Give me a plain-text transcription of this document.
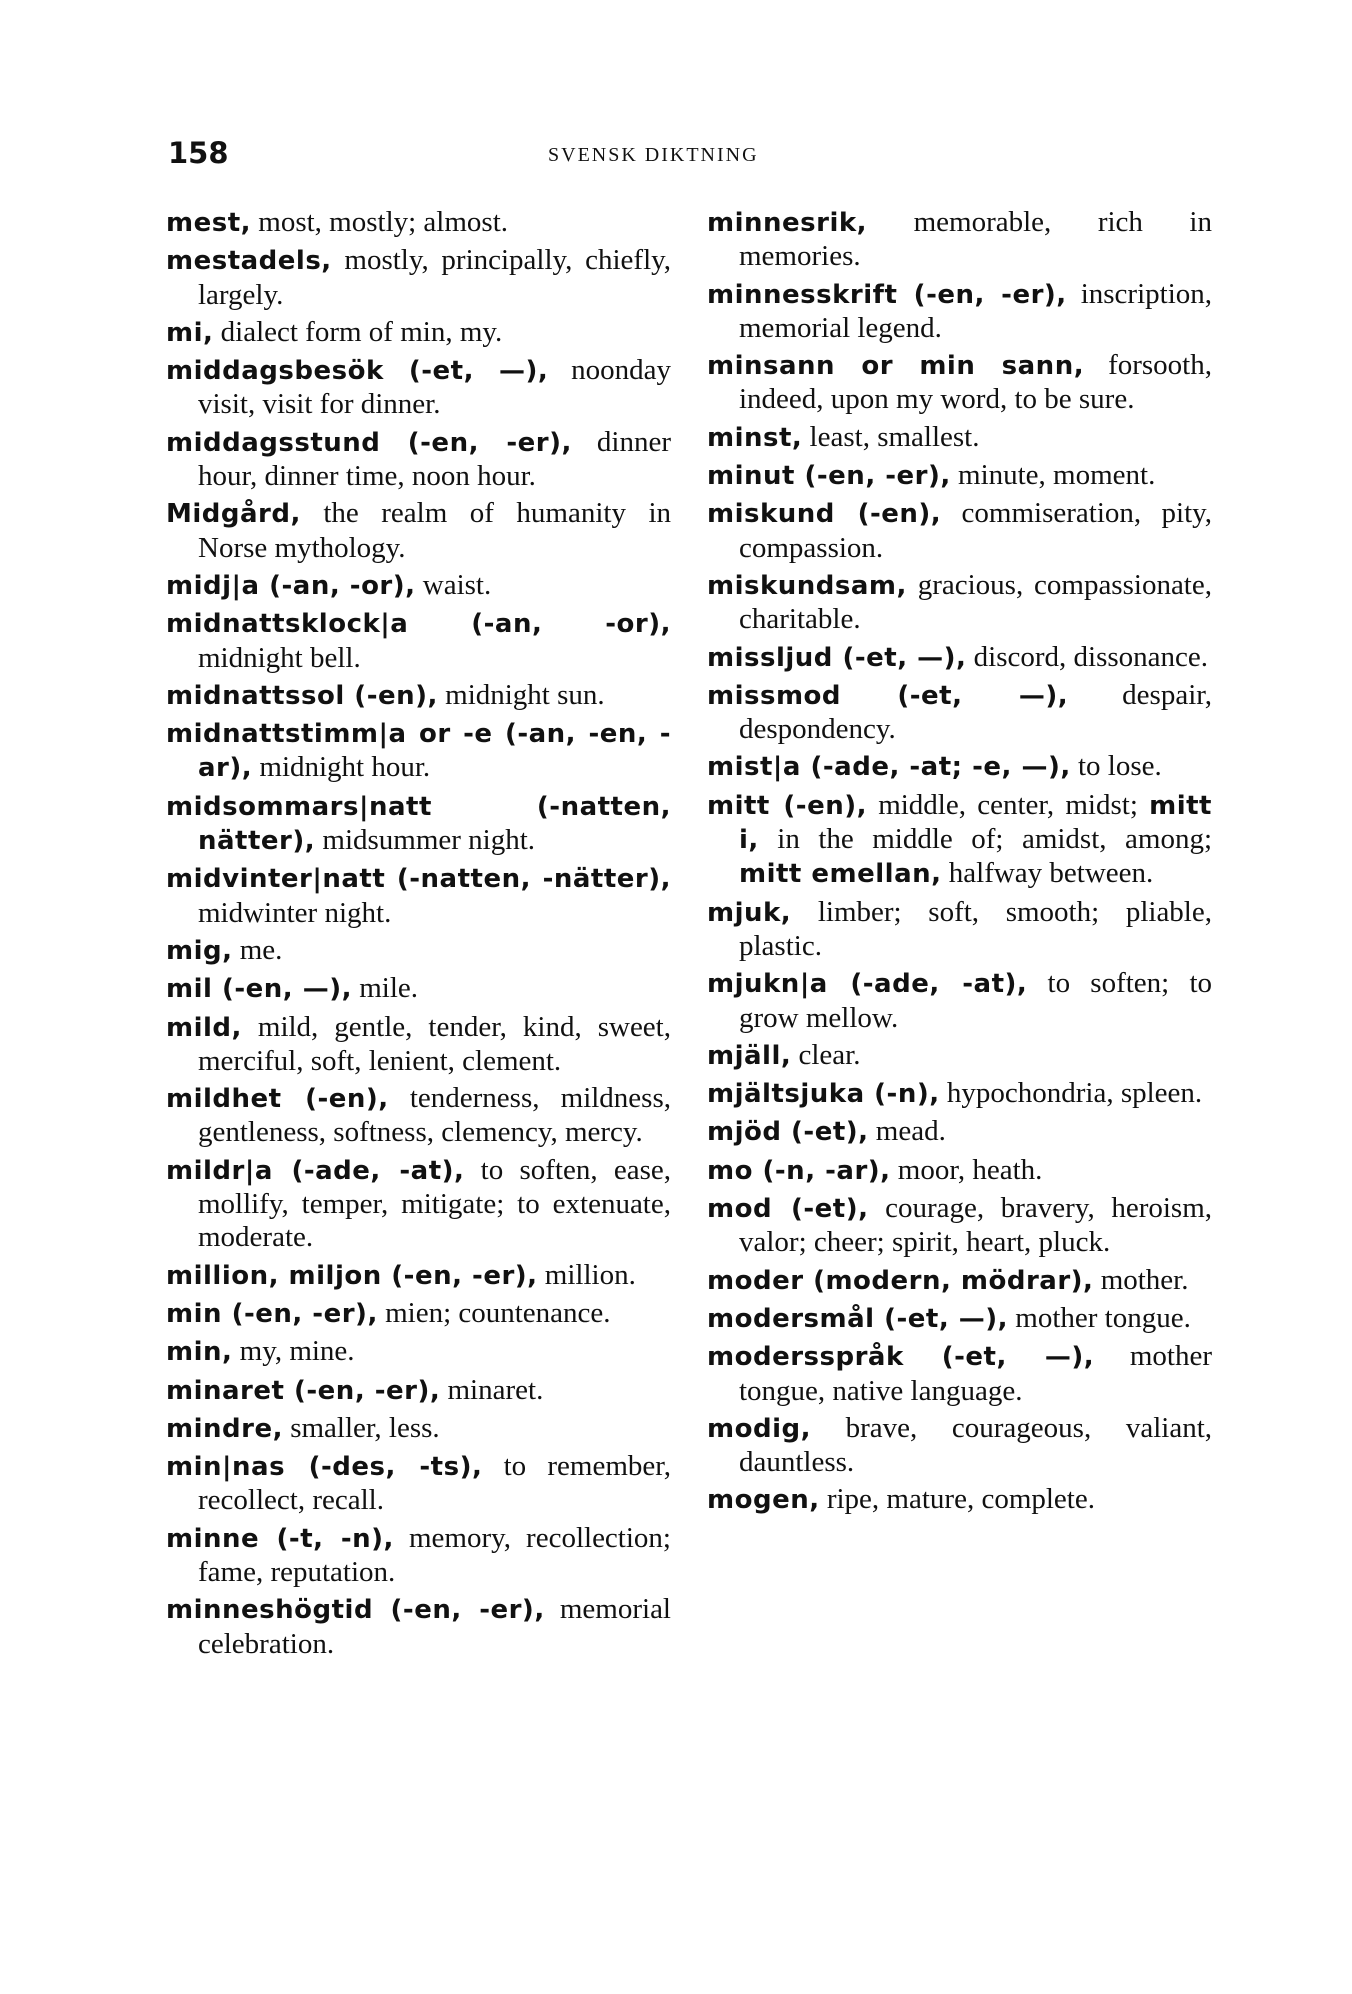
158	SVENSK DIKTNING

mest, most, mostly; almost.

mestadels, mostly, principally, chiefly, largely.

mi, dialect form of min, my.

middagsbesök (-et, —), noonday visit, visit for dinner.

middagsstund (-en, -er), dinner hour, dinner time, noon hour.

Midgård, the realm of humanity in Norse mythology.

midj|a (-an, -or), waist.

midnattsklock|a (-an, -or), midnight bell.

midnattssol (-en), midnight sun.

midnattstimm|a or -e (-an, -en, -ar), midnight hour.

midsommars|natt (-natten, nätter), midsummer night.

midvinter|natt (-natten, -nätter), midwinter night.

mig, me.

mil (-en, —), mile.

mild, mild, gentle, tender, kind, sweet, merciful, soft, lenient, clement.

mildhet (-en), tenderness, mildness, gentleness, softness, clemency, mercy.

mildr|a (-ade, -at), to soften, ease, mollify, temper, mitigate; to extenuate, moderate.

million, miljon (-en, -er), million.

min (-en, -er), mien; countenance.

min, my, mine.

minaret (-en, -er), minaret.

mindre, smaller, less.

min|nas (-des, -ts), to remember, recollect, recall.

minne (-t, -n), memory, recollection; fame, reputation.

minneshögtid (-en, -er), memorial celebration.

minnesrik, memorable, rich in memories.

minnesskrift (-en, -er), inscription, memorial legend.

minsann or min sann, forsooth, indeed, upon my word, to be sure.

minst, least, smallest.

minut (-en, -er), minute, moment.

miskund (-en), commiseration, pity, compassion.

miskundsam, gracious, compassionate, charitable.

missljud (-et, —), discord, dissonance.

missmod (-et, —), despair, despondency.

mist|a (-ade, -at; -e, —), to lose.

mitt (-en), middle, center, midst; mitt i, in the middle of; amidst, among; mitt emellan, halfway between.

mjuk, limber; soft, smooth; pliable, plastic.

mjukn|a (-ade, -at), to soften; to grow mellow.

mjäll, clear.

mjältsjuka (-n), hypochondria, spleen.

mjöd (-et), mead.

mo (-n, -ar), moor, heath.

mod (-et), courage, bravery, heroism, valor; cheer; spirit, heart, pluck.

moder (modern, mödrar), mother.

modersmål (-et, —), mother tongue.

modersspråk (-et, —), mother tongue, native language.

modig, brave, courageous, valiant, dauntless.

mogen, ripe, mature, complete.
